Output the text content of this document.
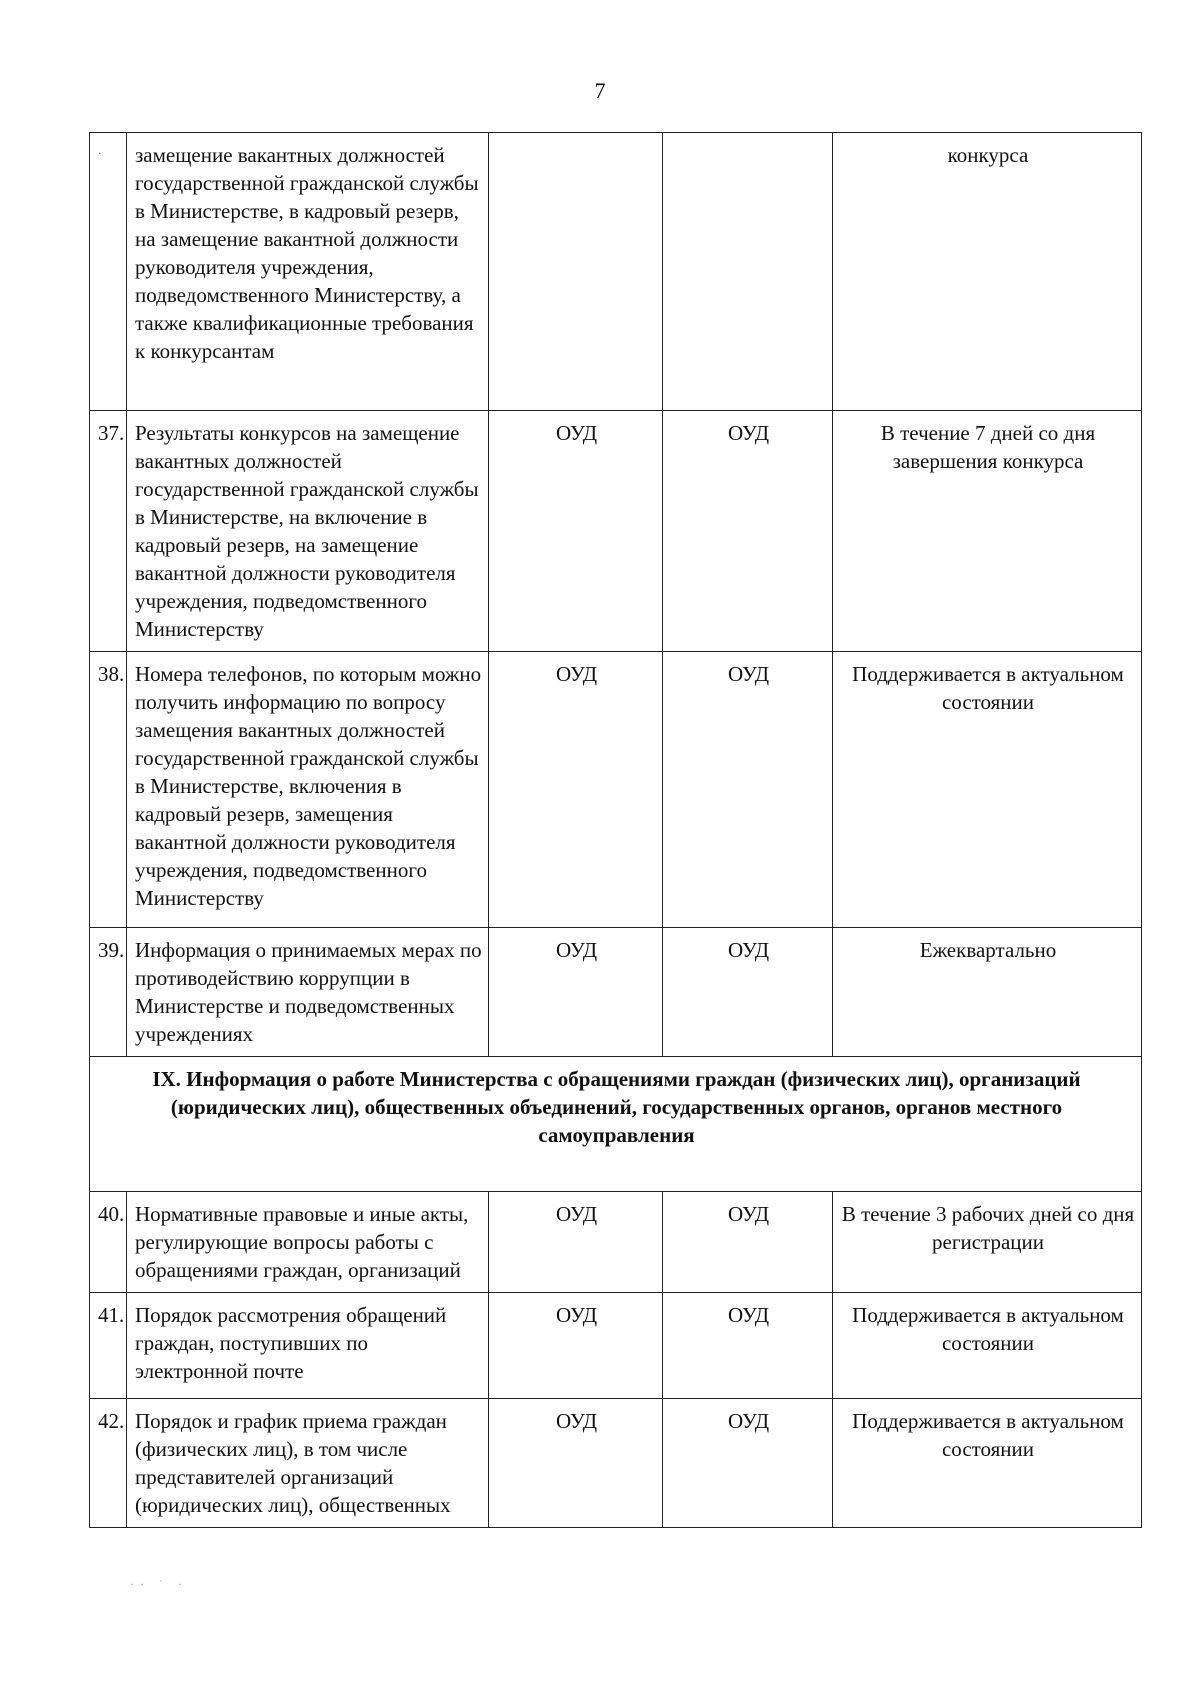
7
·	замещение вакантных должностей государственной гражданской службы в Министерстве, в кадровый резерв, на замещение вакантной должности руководителя учреждения, подведомственного Министерству, а также квалификационные требования к конкурсантам			конкурса
37.	Результаты конкурсов на замещение вакантных должностей государственной гражданской службы в Министерстве, на включение в кадровый резерв, на замещение вакантной должности руководителя учреждения, подведомственного Министерству	ОУД	ОУД	В течение 7 дней со дня завершения конкурса
38.	Номера телефонов, по которым можно получить информацию по вопросу замещения вакантных должностей государственной гражданской службы в Министерстве, включения в кадровый резерв, замещения вакантной должности руководителя учреждения, подведомственного Министерству	ОУД	ОУД	Поддерживается в актуальном состоянии
39.	Информация о принимаемых мерах по противодействию коррупции в Министерстве и подведомственных учреждениях	ОУД	ОУД	Ежеквартально
IX. Информация о работе Министерства с обращениями граждан (физических лиц), организаций (юридических лиц), общественных объединений, государственных органов, органов местного самоуправления				
40.	Нормативные правовые и иные акты, регулирующие вопросы работы с обращениями граждан, организаций	ОУД	ОУД	В течение 3 рабочих дней со дня регистрации
41.	Порядок рассмотрения обращений граждан, поступивших по электронной почте	ОУД	ОУД	Поддерживается в актуальном состоянии
42.	Порядок и график приема граждан (физических лиц), в том числе представителей организаций (юридических лиц), общественных	ОУД	ОУД	Поддерживается в актуальном состоянии
·· ˙ ·
